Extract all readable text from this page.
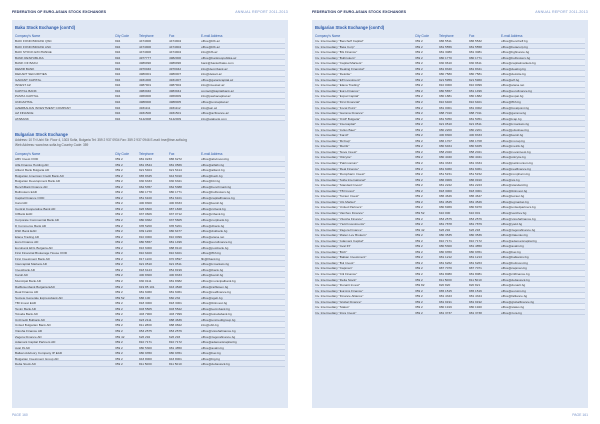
FEDERATION OF EURO-ASIAN STOCK EXCHANGES	ANNUAL REPORT 2011-2013
Baku Stock Exchange (cont'd)
Company's Name	City Code	Telephone	Fax	E-mail Address
BAKI FOND BIRJASI QSC	994	4474900	4474904	office@bfb.az
BAKI FOND BIRJASI ASC	994	4474900	4474904	office@bfb.az
BAKI STOCK EXCHANGE	994	4474900	4474904	info@bfb.az
BANK RESPUBLIKA	994	4977777	4982000	office@bankrespublika.az
BANK OF BAKU	994	4989990	4989996	bank@bankofbaku.com
DEMIR BANK	994	4970040	4970042	info@demirbank.az
DEKART SECURITIES	994	4980001	4980007	info@dekart.az
GARANT CAPITAL	994	4931000	4931007	office@garantcapital.az
INVEST AZ	994	4987901	4987904	info@investaz.az
KAPITAL BANK	994	4983040	4983044	contact@kapitalbank.az
PASHA CAPITAL	994	4969900	4969909	info@pashacapital.az
UNICAPITAL	994	4988000	4988005	office@unicapital.az
AZERBAIJAN INVESTMENT COMPANY	994	4931111	4931112	info@aic.az
AZ FINANCE	994	4931500	4931501	office@azfinance.az
ATABANK	994	5142008	5142009	info@atabank.com
Bulgarian Stock Exchange
Address: 10 Tri Ushi Str. Floor 4, 1303 Sofia, Bulgaria Tel: 359 2 937 0934 Fax: 359 2 937 0946 E-mail: bse@bse-sofia.bg
Web Address: www.bse-sofia.bg Country Code: 359
Company's Name	City Code	Telephone	Fax	E-mail Address
ABV Invest OOD	359 2	981 0233	986 6272	office@abvinvest.bg
Alfa Finance Holding AD	359 2	981 0544	981 0566	office@alfafin.bg
Allianz Bank Bulgaria AD	359 2	921 5404	921 5414	office@allianz.bg
Bulgarian American Credit Bank AD	359 2	965 8345	944 5010	office@bacb.bg
Bulgarian Development Bank AD	359 2	930 6333	930 6321	office@bbr.bg
BenchMark Finance AD	359 2	962 5357	962 5388	office@benchmark.bg
Bulbrokers EAD	359 2	980 1770	980 1771	office@bulbrokers.bg
Capital Finance OOD	359 2	951 6100	951 6101	office@capitalfinance.bg
Carol AD	359 2	400 8300	400 8333	office@karoll.bg
Central Cooperative Bank AD	359 2	926 6600	987 1848	office@ccbank.bg
CIBank EAD	359 2	937 0606	937 0712	office@cibank.bg
Corporate Commercial Bank AD	359 2	980 9362	937 5605	office@corpbank.bg
D Commerce Bank AD	359 2	935 5200	935 5201	office@dbank.bg
DSK Bank EAD	359 2	939 1220	980 6477	office@dskbank.bg
Elana Trading AD	359 2	810 0000	810 0099	office@elana.net
Euro Finance AD	359 2	980 5657	981 1496	office@eurofinance.bg
Eurobank EFG Bulgaria AD	359 2	816 6000	988 8110	office@postbank.bg
First Financial Brokerage House OOD	359 2	810 6400	810 6401	office@ffbh.bg
First Investment Bank AD	359 2	817 1100	970 9597	fib@fibank.bg
Intercapital Markets AD	359 2	921 0510	921 0511	office@icmarkets.bg
Investbank AD	359 2	818 6123	854 8199	office@ibank.bg
Karoll AD	359 2	400 8300	400 8333	office@karoll.bg
Municipal Bank AD	359 2	930 0111	981 8382	office@municipalbank.bg
Raiffeisenbank Bulgaria EAD	359 2	919 85 101	943 4528	office@raiffeisen.bg
Real Finance AD	359 2	981 6060	981 6061	office@realfinance.bg
Societe Generale Expressbank AD	359 52	686 100	660 232	office@sgeb.bg
TBI Invest EAD	359 2	818 3000	818 3001	office@tbiinvest.bg
Texim Bank AD	359 2	903 5505	903 5522	office@teximbank.bg
Tokuda Bank AD	359 2	403 7900	403 7999	office@tokudabank.bg
UniCredit Bulbank AD	359 2	923 2111	988 4636	office@unicreditgroup.bg
United Bulgarian Bank AD	359 2	811 2800	988 0822	info@ubb.bg
Vitosha Finance AD	359 2	953 2575	953 2576	office@vitoshafinance.bg
Zagora Finance AD	359 42	626 292	626 293	office@zagorafinance.bg
Adamant Capital Partners AD	359 2	810 7171	810 7172	office@adamantcapital.bg
Aval IN AD	359 2	980 5300	981 4850	office@avalin.bg
Balkan Advisory Company IP EAD	359 2	980 9350	980 9351	office@bac.bg
Bulgarian Investment Group AD	359 2	943 8000	943 8001	office@big.bg
Delta Stock AD	359 2	811 5000	811 5010	office@deltastock.bg
PAGE 160
FEDERATION OF EURO-ASIAN STOCK EXCHANGES	ANNUAL REPORT 2011-2013
Bulgarian Stock Exchange (cont'd)
Company's Name	City Code	Telephone	Fax	E-mail Address
Inv. Intermediary "Bencheff Capital"	359 2	986 5511	986 5532	office@bencheff.bg
Inv. Intermediary "Beta Corp"	359 2	981 5556	981 5558	office@betacorp.bg
Inv. Intermediary "BG Finance"	359 2	981 3080	981 3081	office@bgfinance.bg
Inv. Intermediary "Bulbrokers"	359 2	980 1770	980 1771	office@bulbrokers.bg
Inv. Intermediary "Capital Markets"	359 2	930 9610	930 9611	office@capitalmarkets.bg
Inv. Intermediary "Dealing Financial"	359 2	981 8340	981 8341	office@dealing.bg
Inv. Intermediary "Deloitte"	359 2	980 7580	980 7581	office@deloitte.bg
Inv. Intermediary "Eff Investment"	359 2	921 5959	921 5960	office@eff.bg
Inv. Intermediary "Elana Trading"	359 2	810 0000	810 0099	office@elana.net
Inv. Intermediary "Euro-Finance"	359 2	980 5657	981 1496	office@eurofinance.bg
Inv. Intermediary "Expat Capital"	359 2	980 1881	980 1882	office@expat.bg
Inv. Intermediary "First Financial"	359 2	810 6400	810 6401	office@ffbh.bg
Inv. Intermediary "Focal Point"	359 2	981 0001	981 0002	office@focalpoint.bg
Inv. Intermediary "Gamma Finance"	359 2	988 7010	988 7011	office@gamma.bg
Inv. Intermediary "ICAP Bulgaria"	359 2	981 5050	981 5051	office@icap.bg
Inv. Intermediary "Intercapital"	359 2	921 0510	921 0511	office@icmarkets.bg
Inv. Intermediary "Julius Baer"	359 2	980 2200	980 2201	office@juliusbaer.bg
Inv. Intermediary "Karoll"	359 2	400 8300	400 8333	office@karoll.bg
Inv. Intermediary "McCap"	359 2	986 1707	986 1708	office@mccap.bg
Inv. Intermediary "Metrik"	359 2	980 6464	980 6465	office@metrik.bg
Inv. Intermediary "Nova Invest"	359 2	958 2020	958 2021	office@novainvest.bg
Inv. Intermediary "Otkrytie"	359 2	980 4040	980 4041	office@otkrytie.bg
Inv. Intermediary "Patrimonium"	359 2	981 3333	981 3334	office@patrimonium.bg
Inv. Intermediary "Real Finance"	359 2	981 6060	981 6061	office@realfinance.bg
Inv. Intermediary "Rompharm Invest"	359 2	951 5151	951 5152	office@rompharm.bg
Inv. Intermediary "Sofia International"	359 2	986 0909	986 0910	office@sis.bg
Inv. Intermediary "Standard Invest"	359 2	981 2222	981 2223	office@standard.bg
Inv. Intermediary "TBI Invest"	359 2	818 3000	818 3001	office@tbiinvest.bg
Inv. Intermediary "Tezaur Invest"	359 2	986 4646	986 4647	office@tezaur.bg
Inv. Intermediary "UG Market"	359 2	981 4545	981 4546	office@ugmarket.bg
Inv. Intermediary "United Partners"	359 2	980 6969	980 6970	office@unitedpartners.bg
Inv. Intermediary "Varchev Finance"	359 52	610 000	610 001	office@varchev.bg
Inv. Intermediary "Vitosha Finance"	359 2	953 2575	953 2576	office@vitoshafinance.bg
Inv. Intermediary "Yield Investments"	359 2	981 7878	981 7879	office@yield.bg
Inv. Intermediary "Zagora Finance"	359 42	626 292	626 293	office@zagorafinance.bg
Inv. Intermediary "Zlaten Lev Brokers"	359 2	980 3535	980 3536	office@zlatenlev.bg
Inv. Intermediary "Adamant Capital"	359 2	810 7171	810 7172	office@adamantcapital.bg
Inv. Intermediary "Aval IN"	359 2	980 5300	981 4850	office@avalin.bg
Inv. Intermediary "BAC"	359 2	980 9350	980 9351	office@bac.bg
Inv. Intermediary "Balkan Investment"	359 2	981 1212	981 1213	office@balkaninv.bg
Inv. Intermediary "Bul Invest"	359 2	981 6262	981 6263	office@bulinvest.bg
Inv. Intermediary "Capman"	359 2	987 7070	987 7071	office@capman.bg
Inv. Intermediary "Citi Finance"	359 2	981 8080	981 8081	office@citifinance.bg
Inv. Intermediary "Delta Stock"	359 2	811 5000	811 5010	office@deltastock.bg
Inv. Intermediary "Dunarit Invest"	359 82	820 820	820 821	office@dunarit.bg
Inv. Intermediary "Euroins Finance"	359 2	965 1515	965 1516	office@euroins.bg
Inv. Intermediary "Finance Alliance"	359 2	981 4343	981 4344	office@falliance.bg
Inv. Intermediary "Global Finance"	359 2	981 9191	981 9192	office@globalfinance.bg
Inv. Intermediary "Status"	359 2	980 1919	980 1920	office@status.bg
Inv. Intermediary "Zora Invest"	359 2	981 3737	981 3738	office@zora.bg
PAGE 161
